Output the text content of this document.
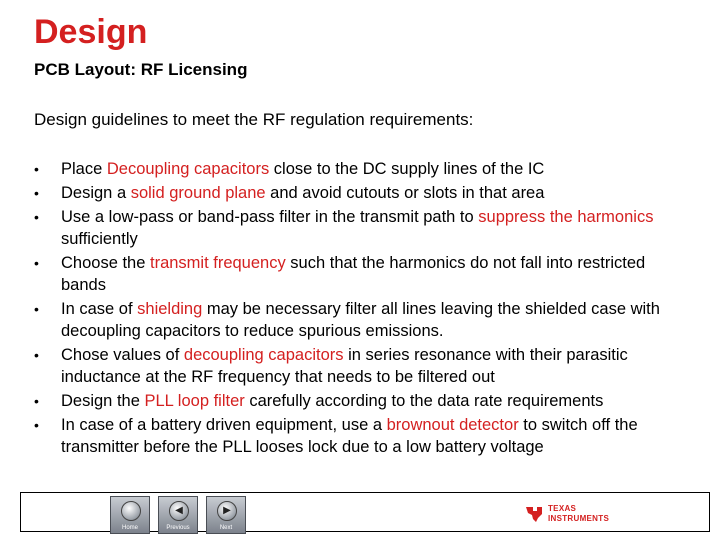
Design
PCB Layout: RF Licensing
Design guidelines to meet the RF regulation requirements:
•	Place Decoupling capacitors close to the DC supply lines of the IC
•	Design a solid ground plane and avoid cutouts or slots in that area
•	Use a low-pass or band-pass filter in the transmit path to suppress the harmonics sufficiently
•	Choose the transmit frequency such that the harmonics do not fall into restricted bands
•	In case of shielding may be necessary filter all lines leaving the shielded case with decoupling capacitors to reduce spurious emissions.
•	Chose values of decoupling capacitors in series resonance with their parasitic inductance at the RF frequency that needs to be filtered out
•	Design the PLL loop filter carefully according to the data rate requirements
•	In case of a battery driven equipment, use a brownout detector to switch off the transmitter before the PLL looses lock due to a low battery voltage
Home
◀
Previous
▶
Next
TEXAS
INSTRUMENTS
